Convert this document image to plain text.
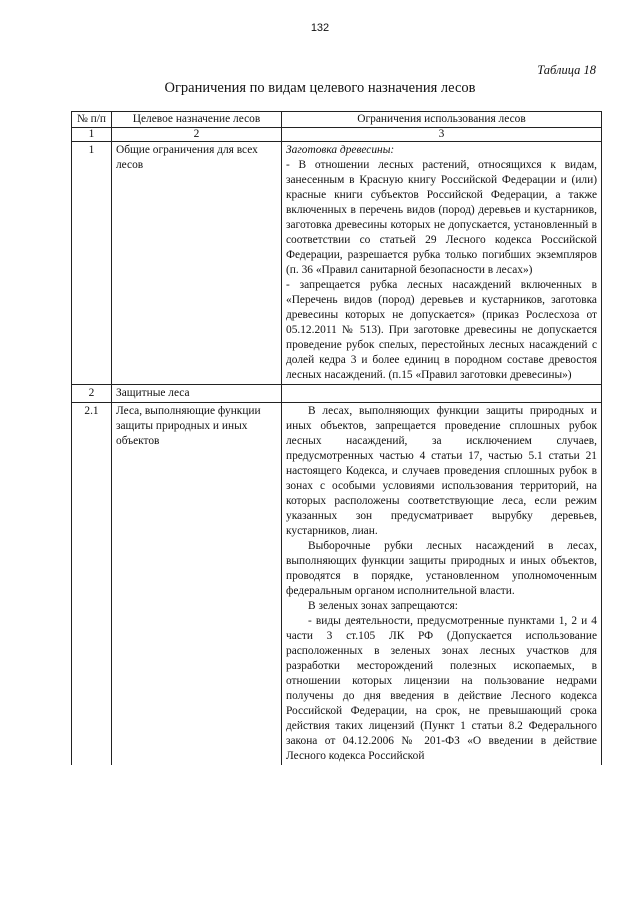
132
Таблица 18
Ограничения по видам целевого назначения лесов
№ п/п	Целевое назначение лесов	Ограничения использования лесов
1	2	3
1	Общие ограничения для всех лесов	Заготовка древесины:

- В отношении лесных растений, относящихся к видам, занесенным в Красную книгу Российской Федерации и (или) красные книги субъектов Российской Федерации, а также включенных в перечень видов (пород) деревьев и кустарников, заготовка древесины которых не допускается, установленный в соответствии со статьей 29 Лесного кодекса Российской Федерации, разрешается рубка только погибших экземпляров (п. 36 «Правил санитарной безопасности в лесах»)

- запрещается рубка лесных насаждений включенных в «Перечень видов (пород) деревьев и кустарников, заготовка древесины которых не допускается» (приказ Рослесхоза от 05.12.2011 № 513). При заготовке древесины не допускается проведение рубок спелых, перестойных лесных насаждений с долей кедра 3 и более единиц в породном составе древостоя лесных насаждений. (п.15 «Правил заготовки древесины»)

2	Защитные леса	
2.1	Леса, выполняющие функции защиты природных и иных объектов	В лесах, выполняющих функции защиты природных и иных объектов, запрещается проведение сплошных рубок лесных насаждений, за исключением случаев, предусмотренных частью 4 статьи 17, частью 5.1 статьи 21 настоящего Кодекса, и случаев проведения сплошных рубок в зонах с особыми условиями использования территорий, на которых расположены соответствующие леса, если режим указанных зон предусматривает вырубку деревьев, кустарников, лиан.

Выборочные рубки лесных насаждений в лесах, выполняющих функции защиты природных и иных объектов, проводятся в порядке, установленном уполномоченным федеральным органом исполнительной власти.

В зеленых зонах запрещаются:

- виды деятельности, предусмотренные пунктами 1, 2 и 4 части 3 ст.105 ЛК РФ (Допускается использование расположенных в зеленых зонах лесных участков для разработки месторождений полезных ископаемых, в отношении которых лицензии на пользование недрами получены до дня введения в действие Лесного кодекса Российской Федерации, на срок, не превышающий срока действия таких лицензий (Пункт 1 статьи 8.2 Федерального закона от 04.12.2006 № 201-ФЗ «О введении в действие Лесного кодекса Российской
